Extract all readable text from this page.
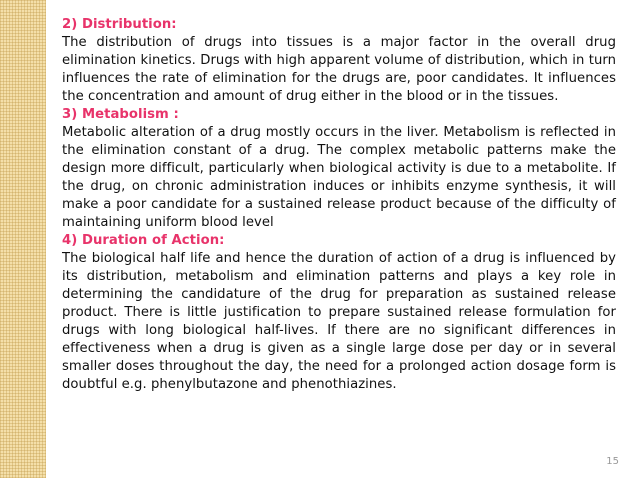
2) Distribution:

The distribution of drugs into tissues is a major factor in the overall drug elimination kinetics. Drugs with high apparent volume of distribution, which in turn influences the rate of elimination for the drugs are, poor candidates. It influences the concentration and amount of drug either in the blood or in the tissues.

3) Metabolism :

Metabolic alteration of a drug mostly occurs in the liver. Metabolism is reflected in the elimination constant of a drug. The complex metabolic patterns make the design more difficult, particularly when biological activity is due to a metabolite. If the drug, on chronic administration induces or inhibits enzyme synthesis, it will make a poor candidate for a sustained release product because of the difficulty of maintaining uniform blood level

4) Duration of Action:

The biological half life and hence the duration of action of a drug is influenced by its distribution, metabolism and elimination patterns and plays a key role in determining the candidature of the drug for preparation as sustained release product. There is little justification to prepare sustained release formulation for drugs with long biological half-lives. If there are no significant differences in effectiveness when a drug is given as a single large dose per day or in several smaller doses throughout the day, the need for a prolonged action dosage form is doubtful e.g. phenylbutazone and phenothiazines.

15
